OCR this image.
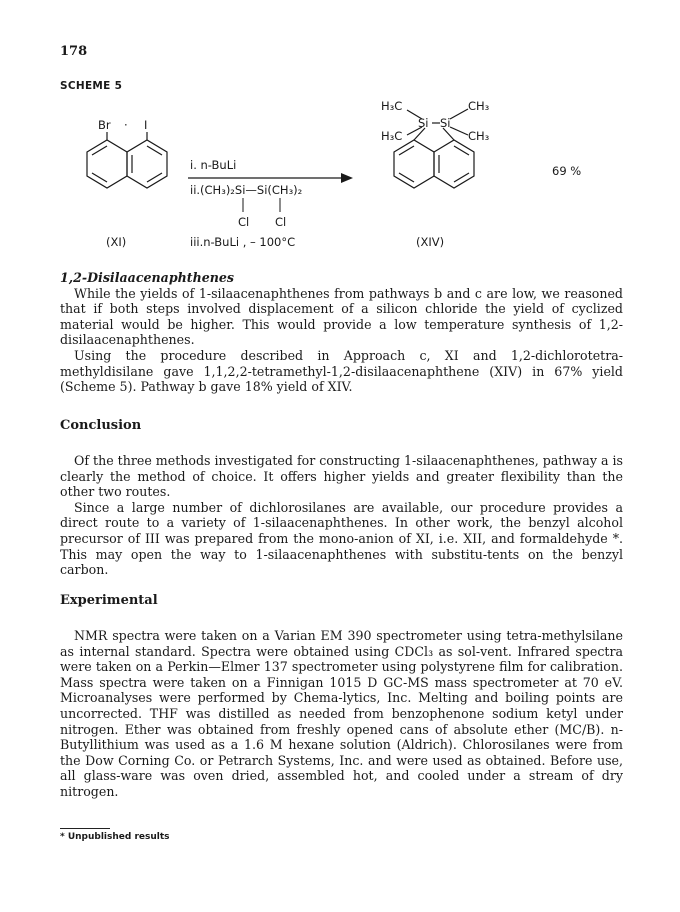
178
SCHEME 5
Br · I
(XI)
i. n-BuLi
ii.(CH₃)₂Si—Si(CH₃)₂
Cl Cl
iii.n-BuLi , – 100°C
Si Si
H₃C	CH₃
H₃C	CH₃
(XIV)
69 %

1,2-Disilaacenaphthenes

While the yields of 1-silaacenaphthenes from pathways b and c are low, we reasoned that if both steps involved displacement of a silicon chloride the yield of cyclized material would be higher. This would provide a low temperature synthesis of 1,2-disilaacenaphthenes.

Using the procedure described in Approach c, XI and 1,2-dichlorotetra-methyldisilane gave 1,1,2,2-tetramethyl-1,2-disilaacenaphthene (XIV) in 67% yield (Scheme 5). Pathway b gave 18% yield of XIV.

Conclusion

Of the three methods investigated for constructing 1-silaacenaphthenes, pathway a is clearly the method of choice. It offers higher yields and greater flexibility than the other two routes.

Since a large number of dichlorosilanes are available, our procedure provides a direct route to a variety of 1-silaacenaphthenes. In other work, the benzyl alcohol precursor of III was prepared from the mono-anion of XI, i.e. XII, and formaldehyde *. This may open the way to 1-silaacenaphthenes with substitu-tents on the benzyl carbon.

Experimental

NMR spectra were taken on a Varian EM 390 spectrometer using tetra-methylsilane as internal standard. Spectra were obtained using CDCl₃ as sol-vent. Infrared spectra were taken on a Perkin—Elmer 137 spectrometer using polystyrene film for calibration. Mass spectra were taken on a Finnigan 1015 D GC-MS mass spectrometer at 70 eV. Microanalyses were performed by Chema-lytics, Inc. Melting and boiling points are uncorrected. THF was distilled as needed from benzophenone sodium ketyl under nitrogen. Ether was obtained from freshly opened cans of absolute ether (MC/B). n-Butyllithium was used as a 1.6 M hexane solution (Aldrich). Chlorosilanes were from the Dow Corning Co. or Petrarch Systems, Inc. and were used as obtained. Before use, all glass-ware was oven dried, assembled hot, and cooled under a stream of dry nitrogen.

* Unpublished results
